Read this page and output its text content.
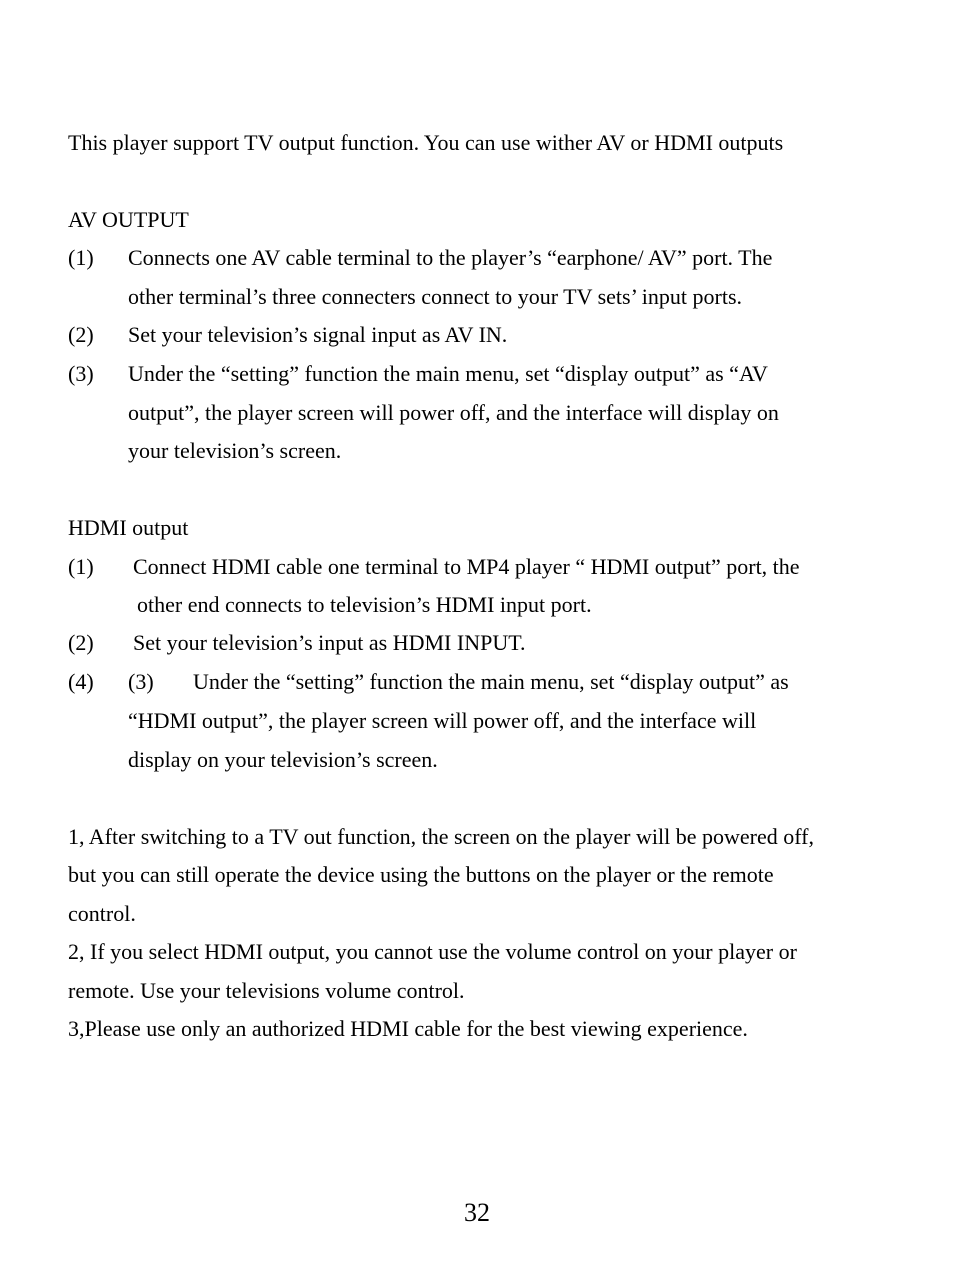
This player support TV output function. You can use wither AV or HDMI outputs
AV OUTPUT
(1) Connects one AV cable terminal to the player’s “earphone/ AV” port. The
other terminal’s three connecters connect to your TV sets’ input ports.
(2) Set your television’s signal input as AV IN.
(3) Under the “setting” function the main menu, set “display output” as “AV
output”, the player screen will power off, and the interface will display on
your television’s screen.
HDMI output
(1) Connect HDMI cable one terminal to MP4 player “ HDMI output” port, the
other end connects to television’s HDMI input port.
(2) Set your television’s input as HDMI INPUT.
(4) (3) Under the “setting” function the main menu, set “display output” as
“HDMI output”, the player screen will power off, and the interface will
display on your television’s screen.
1, After switching to a TV out function, the screen on the player will be powered off,
but you can still operate the device using the buttons on the player or the remote
control.
2, If you select HDMI output, you cannot use the volume control on your player or
remote. Use your televisions volume control.
3,Please use only an authorized HDMI cable for the best viewing experience.
32
